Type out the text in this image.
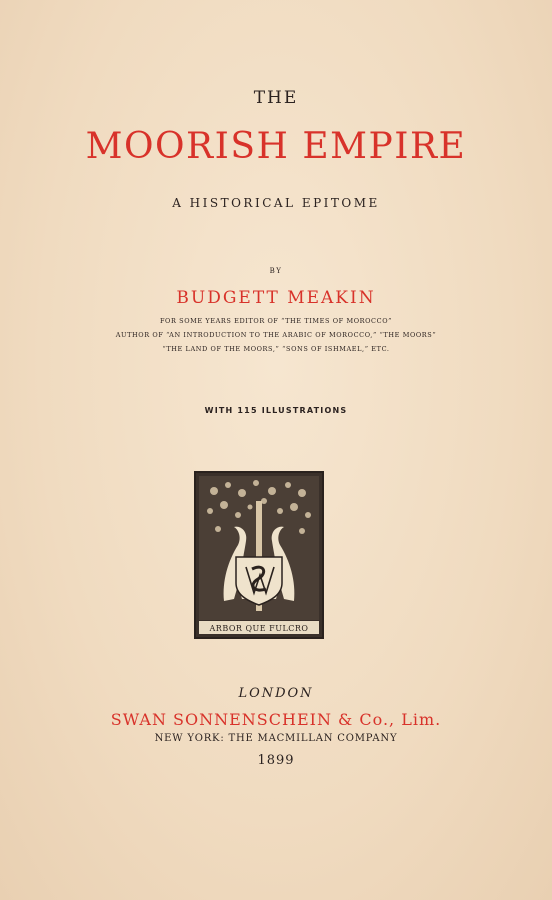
THE
MOORISH EMPIRE
A HISTORICAL EPITOME
BY
BUDGETT MEAKIN
FOR SOME YEARS EDITOR OF “THE TIMES OF MOROCCO”
AUTHOR OF “AN INTRODUCTION TO THE ARABIC OF MOROCCO,” “THE MOORS”
“THE LAND OF THE MOORS,” “SONS OF ISHMAEL,” ETC.
WITH 115 ILLUSTRATIONS
ARBOR QUE FULCRO
LONDON
SWAN SONNENSCHEIN & Co., Lim.
NEW YORK: THE MACMILLAN COMPANY
1899
